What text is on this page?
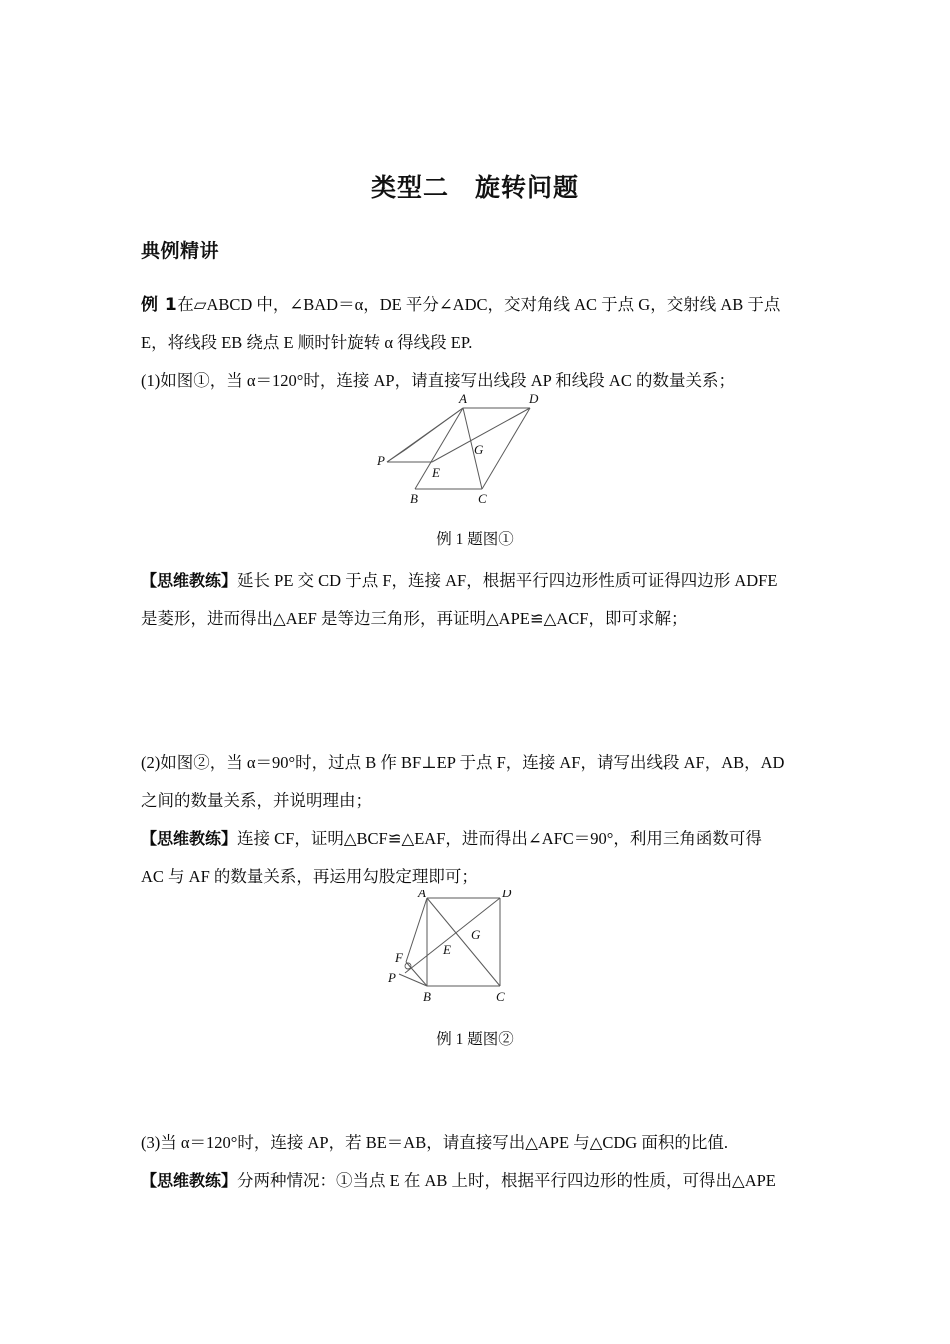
类型二　旋转问题
典例精讲
例 1在▱ABCD 中，∠BAD＝α，DE 平分∠ADC，交对角线 AC 于点 G，交射线 AB 于点
E，将线段 EB 绕点 E 顺时针旋转 α 得线段 EP.
(1)如图①，当 α＝120°时，连接 AP，请直接写出线段 AP 和线段 AC 的数量关系；
A	D
P
G
E
B	C
例 1 题图①
【思维教练】延长 PE 交 CD 于点 F，连接 AF，根据平行四边形性质可证得四边形 ADFE
是菱形，进而得出△AEF 是等边三角形，再证明△APE≌△ACF，即可求解；
(2)如图②，当 α＝90°时，过点 B 作 BF⊥EP 于点 F，连接 AF，请写出线段 AF，AB，AD
之间的数量关系，并说明理由；
【思维教练】连接 CF，证明△BCF≌△EAF，进而得出∠AFC＝90°，利用三角函数可得
AC 与 AF 的数量关系，再运用勾股定理即可；
A	D
G
E
F
P
B	C
例 1 题图②
(3)当 α＝120°时，连接 AP，若 BE＝AB，请直接写出△APE 与△CDG 面积的比值.
【思维教练】分两种情况：①当点 E 在 AB 上时，根据平行四边形的性质，可得出△APE
